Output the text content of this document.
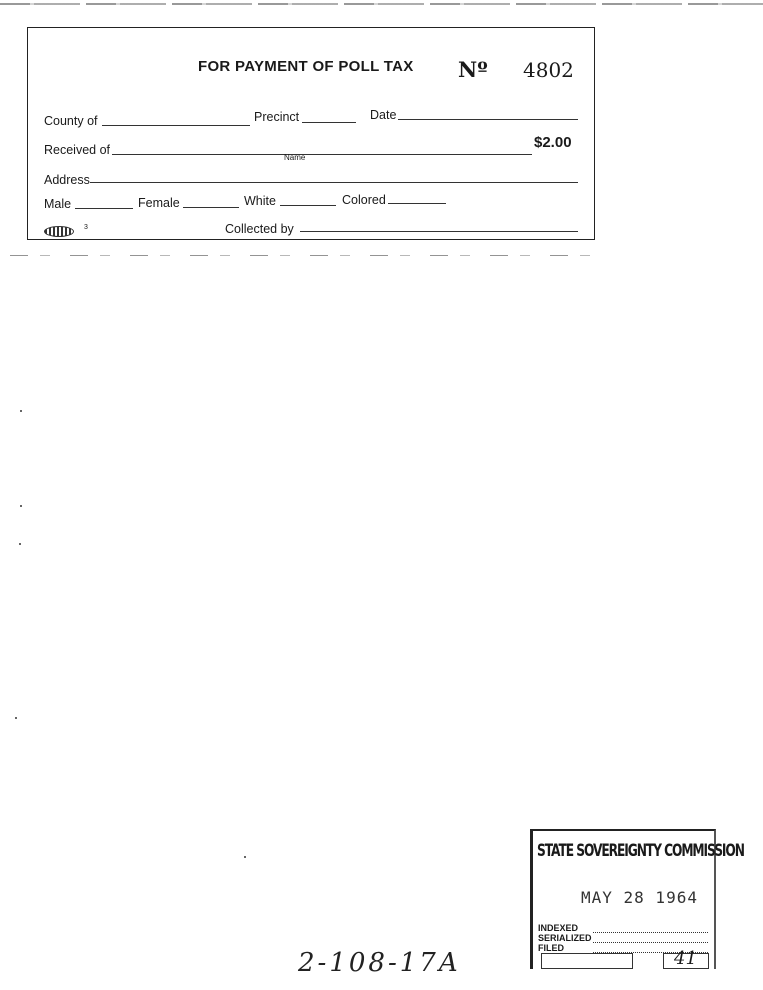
FOR PAYMENT OF POLL TAX Nº 4802
County of	Precinct	Date
Received of	$2.00
Name
Address
Male	Female	White	Colored
3	Collected by
STATE SOVEREIGNTY COMMISSION
MAY 28 1964
INDEXED
SERIALIZED
FILED	41
2-108-17A
